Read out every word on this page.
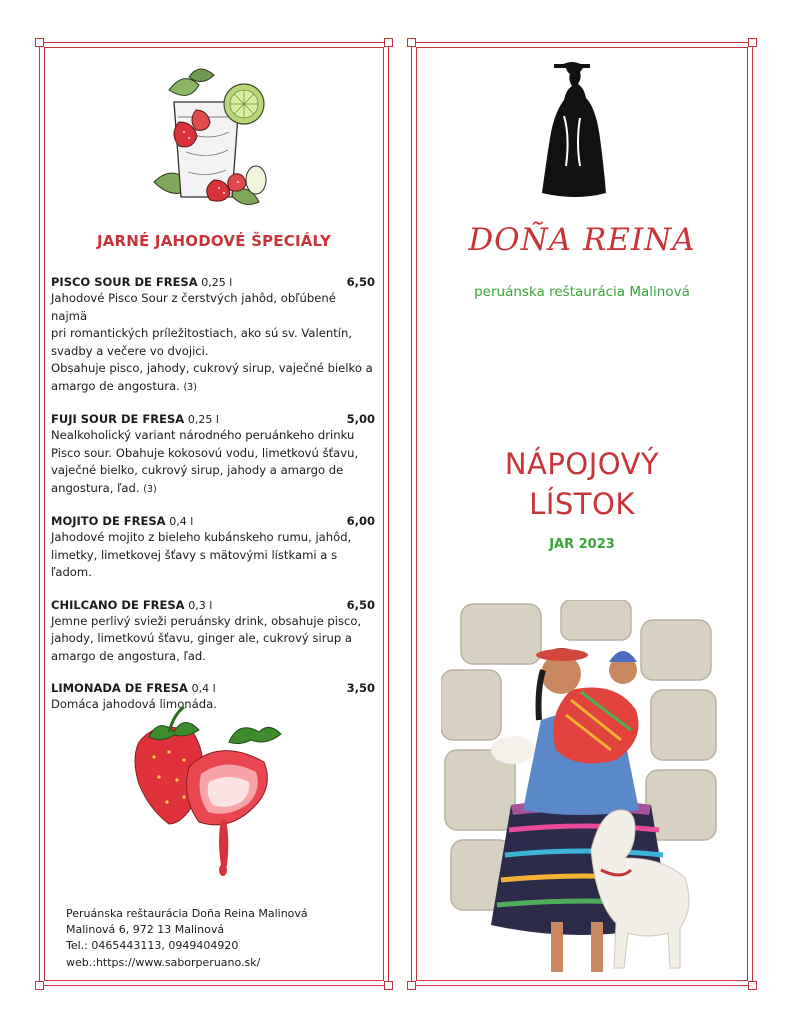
JARNÉ JAHODOVÉ ŠPECIÁLY
PISCO SOUR DE FRESA 0,25 l	6,50
Jahodové Pisco Sour z čerstvých jahôd, obľúbené najmä
pri romantických príležitostiach, ako sú sv. Valentín,
svadby a večere vo dvojici.
Obsahuje pisco, jahody, cukrový sirup, vaječné bielko a
amargo de angostura. (3)
FUJI SOUR DE FRESA 0,25 l	5,00
Nealkoholický variant národného peruánkeho drinku
Pisco sour. Obahuje kokosovú vodu, limetkovú šťavu,
vaječné bielko, cukrový sirup, jahody a amargo de
angostura, ľad. (3)
MOJITO DE FRESA 0,4 l	6,00
Jahodové mojito z bieleho kubánskeho rumu, jahôd,
limetky, limetkovej šťavy s mätovými lístkami a s ľadom.
CHILCANO DE FRESA 0,3 l	6,50
Jemne perlivý svieži peruánsky drink, obsahuje pisco,
jahody, limetkovú šťavu, ginger ale, cukrový sirup a
amargo de angostura, ľad.
LIMONADA DE FRESA 0,4 l	3,50
Domáca jahodová limonáda.
Peruánska reštaurácia Doña Reina Malinová
Malinová 6, 972 13 Malinová
Tel.: 0465443113, 0949404920
web.:https://www.saborperuano.sk/
DOÑA REINA
peruánska reštaurácia Malinová
NÁPOJOVÝ
LÍSTOK
JAR 2023
